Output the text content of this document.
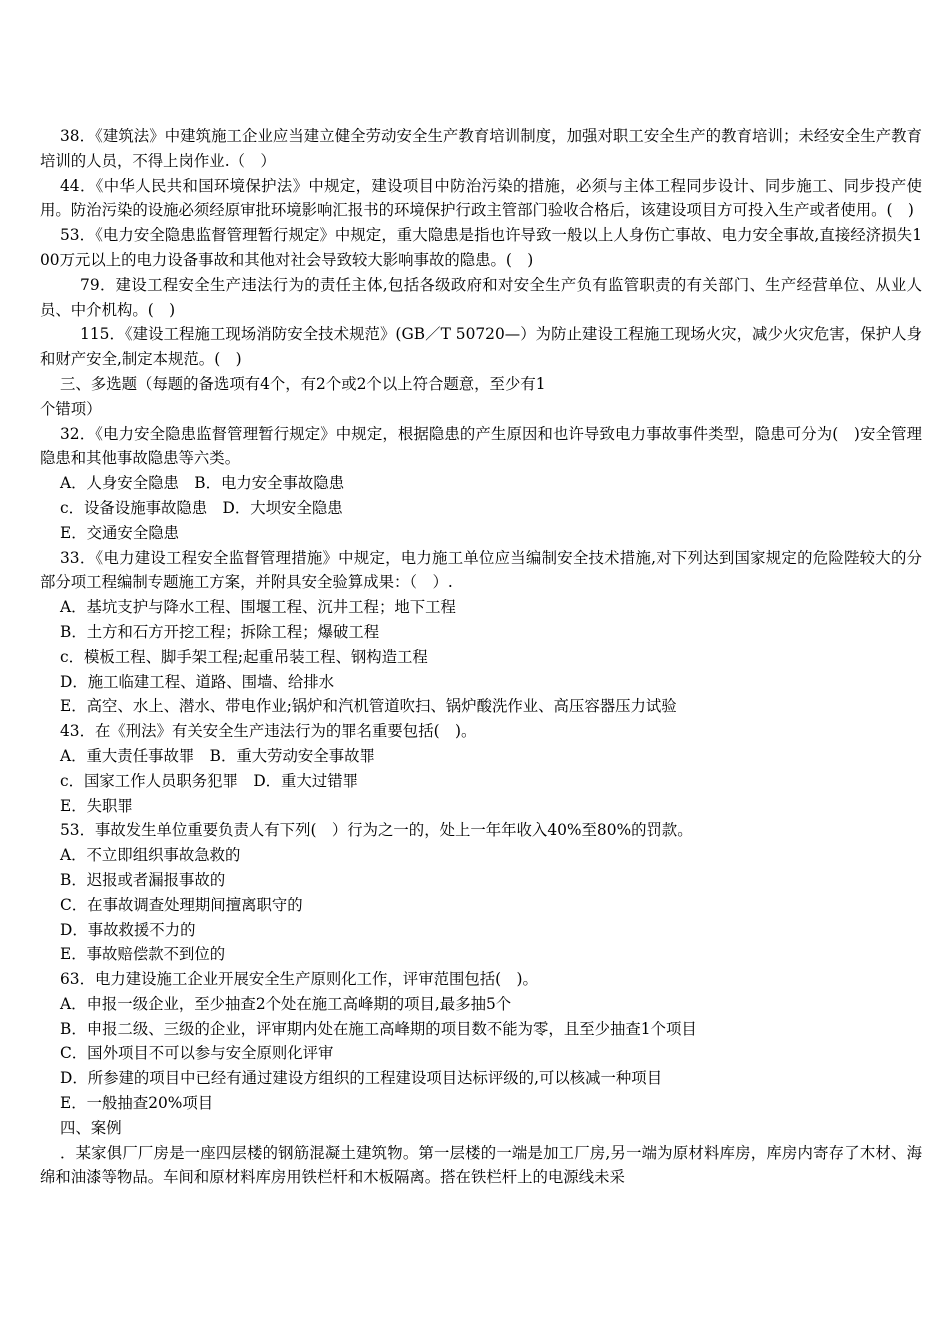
38．《建筑法》中建筑施工企业应当建立健全劳动安全生产教育培训制度，加强对职工安全生产的教育培训；未经安全生产教育培训的人员，不得上岗作业.（　）

44．《中华人民共和国环境保护法》中规定，建设项目中防治污染的措施，必须与主体工程同步设计、同步施工、同步投产使用。防治污染的设施必须经原审批环境影响汇报书的环境保护行政主管部门验收合格后，该建设项目方可投入生产或者使用。(　)

53．《电力安全隐患监督管理暂行规定》中规定，重大隐患是指也许导致一般以上人身伤亡事故、电力安全事故,直接经济损失100万元以上的电力设备事故和其他对社会导致较大影响事故的隐患。(　)

79．建设工程安全生产违法行为的责任主体,包括各级政府和对安全生产负有监管职责的有关部门、生产经营单位、从业人员、中介机构。(　)

115．《建设工程施工现场消防安全技术规范》(GB／T 50720—）为防止建设工程施工现场火灾，减少火灾危害，保护人身和财产安全,制定本规范。(　)

三、多选题（每题的备选项有4个，有2个或2个以上符合题意，至少有1

个错项）

32．《电力安全隐患监督管理暂行规定》中规定，根据隐患的产生原因和也许导致电力事故事件类型，隐患可分为(　)安全管理隐患和其他事故隐患等六类。

A．人身安全隐患　B．电力安全事故隐患

c．设备设施事故隐患　D．大坝安全隐患

E．交通安全隐患

33．《电力建设工程安全监督管理措施》中规定，电力施工单位应当编制安全技术措施,对下列达到国家规定的危险陛较大的分部分项工程编制专题施工方案，并附具安全验算成果：（　）.

A．基坑支护与降水工程、围堰工程、沉井工程；地下工程

B．土方和石方开挖工程；拆除工程；爆破工程

c．模板工程、脚手架工程;起重吊装工程、钢构造工程

D．施工临建工程、道路、围墙、给排水

E．高空、水上、潜水、带电作业;锅炉和汽机管道吹扫、锅炉酸洗作业、高压容器压力试验

43．在《刑法》有关安全生产违法行为的罪名重要包括(　)。

A．重大责任事故罪　B．重大劳动安全事故罪

c．国家工作人员职务犯罪　D．重大过错罪

E．失职罪

53．事故发生单位重要负责人有下列(　）行为之一的，处上一年年收入40%至80%的罚款。

A．不立即组织事故急救的

B．迟报或者漏报事故的

C．在事故调查处理期间擅离职守的

D．事故救援不力的

E．事故赔偿款不到位的

63．电力建设施工企业开展安全生产原则化工作，评审范围包括(　)。

A．申报一级企业，至少抽查2个处在施工高峰期的项目,最多抽5个

B．申报二级、三级的企业，评审期内处在施工高峰期的项目数不能为零，且至少抽查1个项目

C．国外项目不可以参与安全原则化评审

D．所参建的项目中已经有通过建设方组织的工程建设项目达标评级的,可以核减一种项目

E．一般抽查20%项目

四、案例

．某家俱厂厂房是一座四层楼的钢筋混凝土建筑物。第一层楼的一端是加工厂房,另一端为原材料库房，库房内寄存了木材、海绵和油漆等物品。车间和原材料库房用铁栏杆和木板隔离。搭在铁栏杆上的电源线未采
